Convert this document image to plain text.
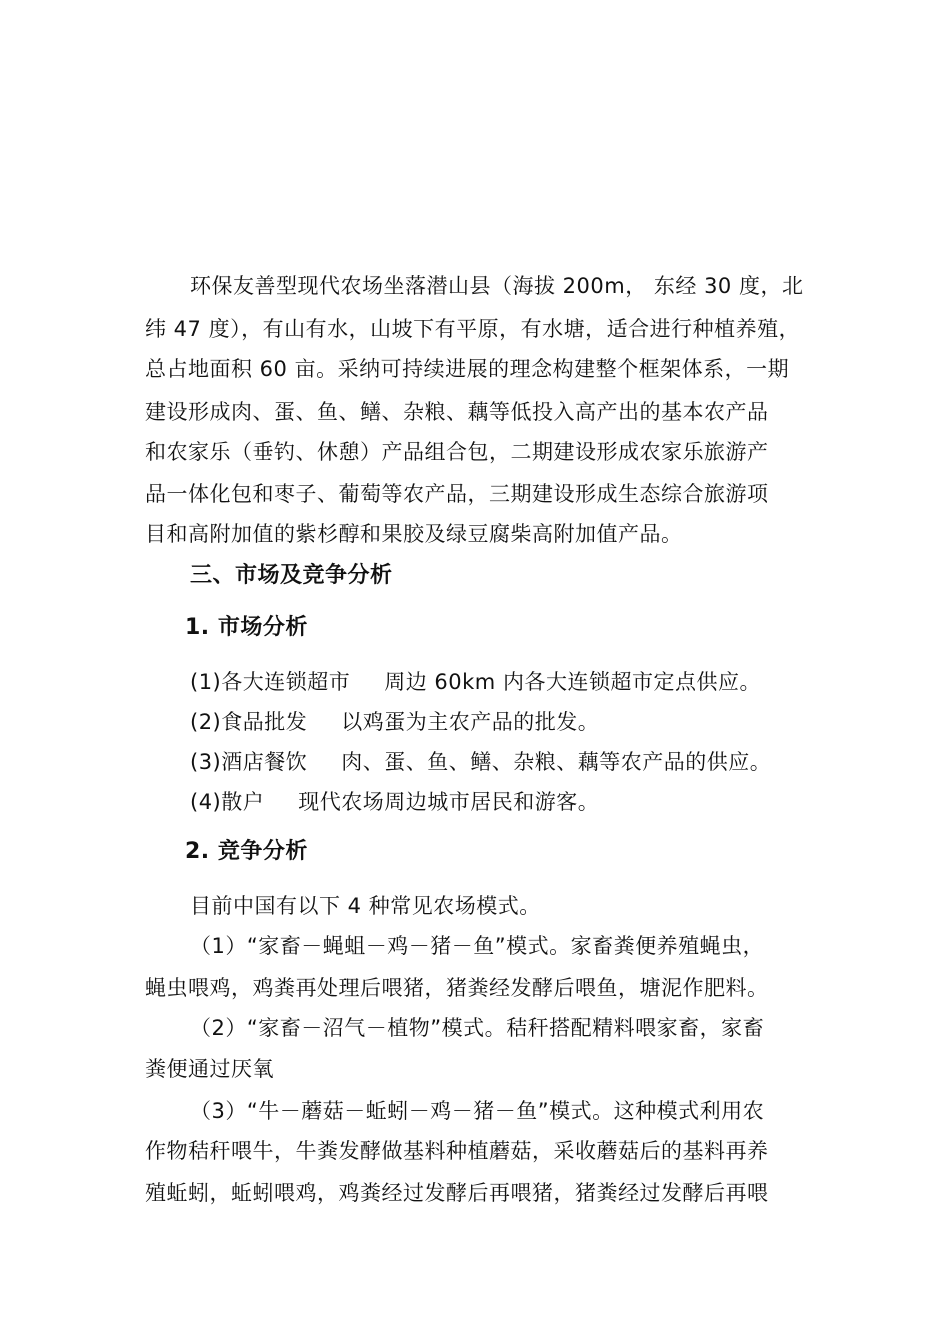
环保友善型现代农场坐落潜山县（海拔 200m， 东经 30 度，北
纬 47 度），有山有水，山坡下有平原，有水塘，适合进行种植养殖，
总占地面积 60 亩。采纳可持续进展的理念构建整个框架体系，一期
建设形成肉、蛋、鱼、鳝、杂粮、藕等低投入高产出的基本农产品
和农家乐（垂钓、休憩）产品组合包，二期建设形成农家乐旅游产
品一体化包和枣子、葡萄等农产品，三期建设形成生态综合旅游项
目和高附加值的紫杉醇和果胶及绿豆腐柴高附加值产品。
三、市场及竞争分析
1. 市场分析
(1)各大连锁超市 周边 60km 内各大连锁超市定点供应。
(2)食品批发 以鸡蛋为主农产品的批发。
(3)酒店餐饮 肉、蛋、鱼、鳝、杂粮、藕等农产品的供应。
(4)散户 现代农场周边城市居民和游客。
2. 竞争分析
目前中国有以下 4 种常见农场模式。
（1）“家畜－蝇蛆－鸡－猪－鱼”模式。家畜粪便养殖蝇虫，
蝇虫喂鸡，鸡粪再处理后喂猪，猪粪经发酵后喂鱼，塘泥作肥料。
（2）“家畜－沼气－植物”模式。秸秆搭配精料喂家畜，家畜
粪便通过厌氧
（3）“牛－蘑菇－蚯蚓－鸡－猪－鱼”模式。这种模式利用农
作物秸秆喂牛，牛粪发酵做基料种植蘑菇，采收蘑菇后的基料再养
殖蚯蚓，蚯蚓喂鸡，鸡粪经过发酵后再喂猪，猪粪经过发酵后再喂
